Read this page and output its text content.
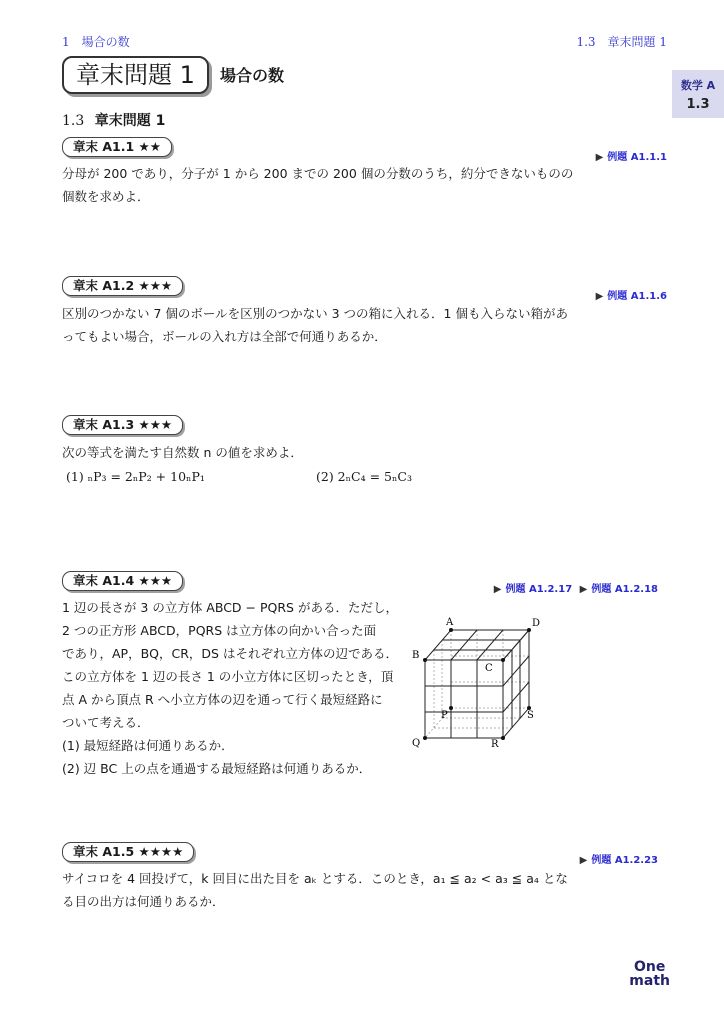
1　場合の数	1.3　章末問題 1
数学 A
1.3
章末問題 1	場合の数
1.3 章末問題 1
章末 A1.1 ★★
▶ 例題 A1.1.1
分母が 200 であり，分子が 1 から 200 までの 200 個の分数のうち，約分できないものの
個数を求めよ．
章末 A1.2 ★★★
▶ 例題 A1.1.6
区別のつかない 7 個のボールを区別のつかない 3 つの箱に入れる．1 個も入らない箱があ
ってもよい場合，ボールの入れ方は全部で何通りあるか．
章末 A1.3 ★★★
次の等式を満たす自然数 n の値を求めよ．
(1) ₙP₃ = 2ₙP₂ + 10ₙP₁	(2) 2ₙC₄ = 5ₙC₃
章末 A1.4 ★★★
▶ 例題 A1.2.17 ▶ 例題 A1.2.18
1 辺の長さが 3 の立方体 ABCD − PQRS がある．ただし，
2 つの正方形 ABCD，PQRS は立方体の向かい合った面
であり，AP，BQ，CR，DS はそれぞれ立方体の辺である．
この立方体を 1 辺の長さ 1 の小立方体に区切ったとき，頂
点 A から頂点 R へ小立方体の辺を通って行く最短経路に
ついて考える．
(1) 最短経路は何通りあるか．
(2) 辺 BC 上の点を通過する最短経路は何通りあるか．
A
B
C
D
P
Q	R
S
章末 A1.5 ★★★★
▶ 例題 A1.2.23
サイコロを 4 回投げて，k 回目に出た目を aₖ とする．このとき，a₁ ≦ a₂ < a₃ ≦ a₄ とな
る目の出方は何通りあるか．
One
math
